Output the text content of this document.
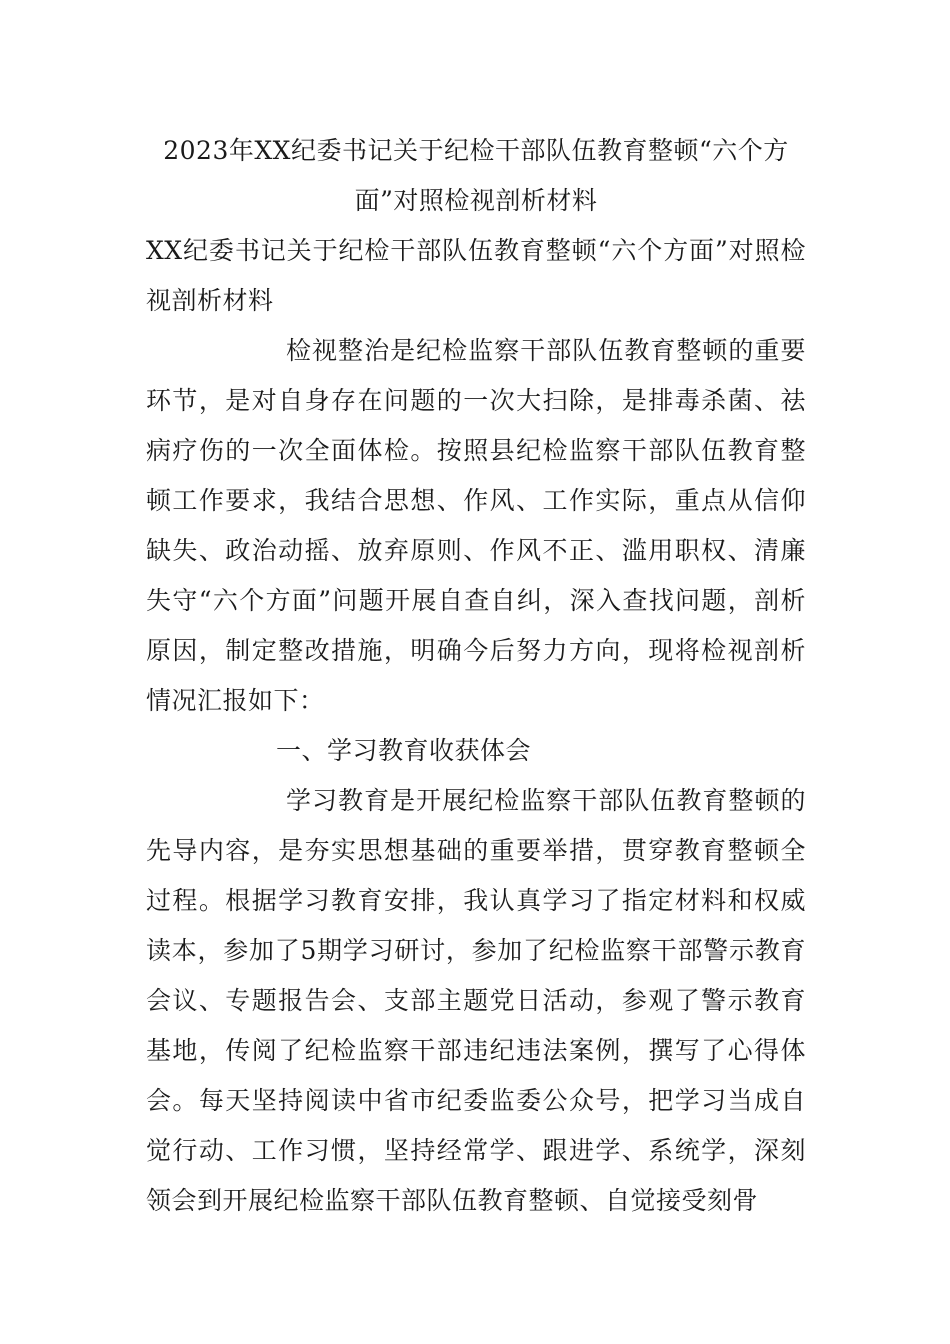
2023年XX纪委书记关于纪检干部队伍教育整顿“六个方面”对照检视剖析材料

XX纪委书记关于纪检干部队伍教育整顿“六个方面”对照检视剖析材料

检视整治是纪检监察干部队伍教育整顿的重要环节，是对自身存在问题的一次大扫除，是排毒杀菌、祛病疗伤的一次全面体检。按照县纪检监察干部队伍教育整顿工作要求，我结合思想、作风、工作实际，重点从信仰缺失、政治动摇、放弃原则、作风不正、滥用职权、清廉失守“六个方面”问题开展自查自纠，深入查找问题，剖析原因，制定整改措施，明确今后努力方向，现将检视剖析情况汇报如下：

一、学习教育收获体会

学习教育是开展纪检监察干部队伍教育整顿的先导内容，是夯实思想基础的重要举措，贯穿教育整顿全过程。根据学习教育安排，我认真学习了指定材料和权威读本，参加了5期学习研讨，参加了纪检监察干部警示教育会议、专题报告会、支部主题党日活动，参观了警示教育基地，传阅了纪检监察干部违纪违法案例，撰写了心得体会。每天坚持阅读中省市纪委监委公众号，把学习当成自觉行动、工作习惯，坚持经常学、跟进学、系统学，深刻领会到开展纪检监察干部队伍教育整顿、自觉接受刻骨
